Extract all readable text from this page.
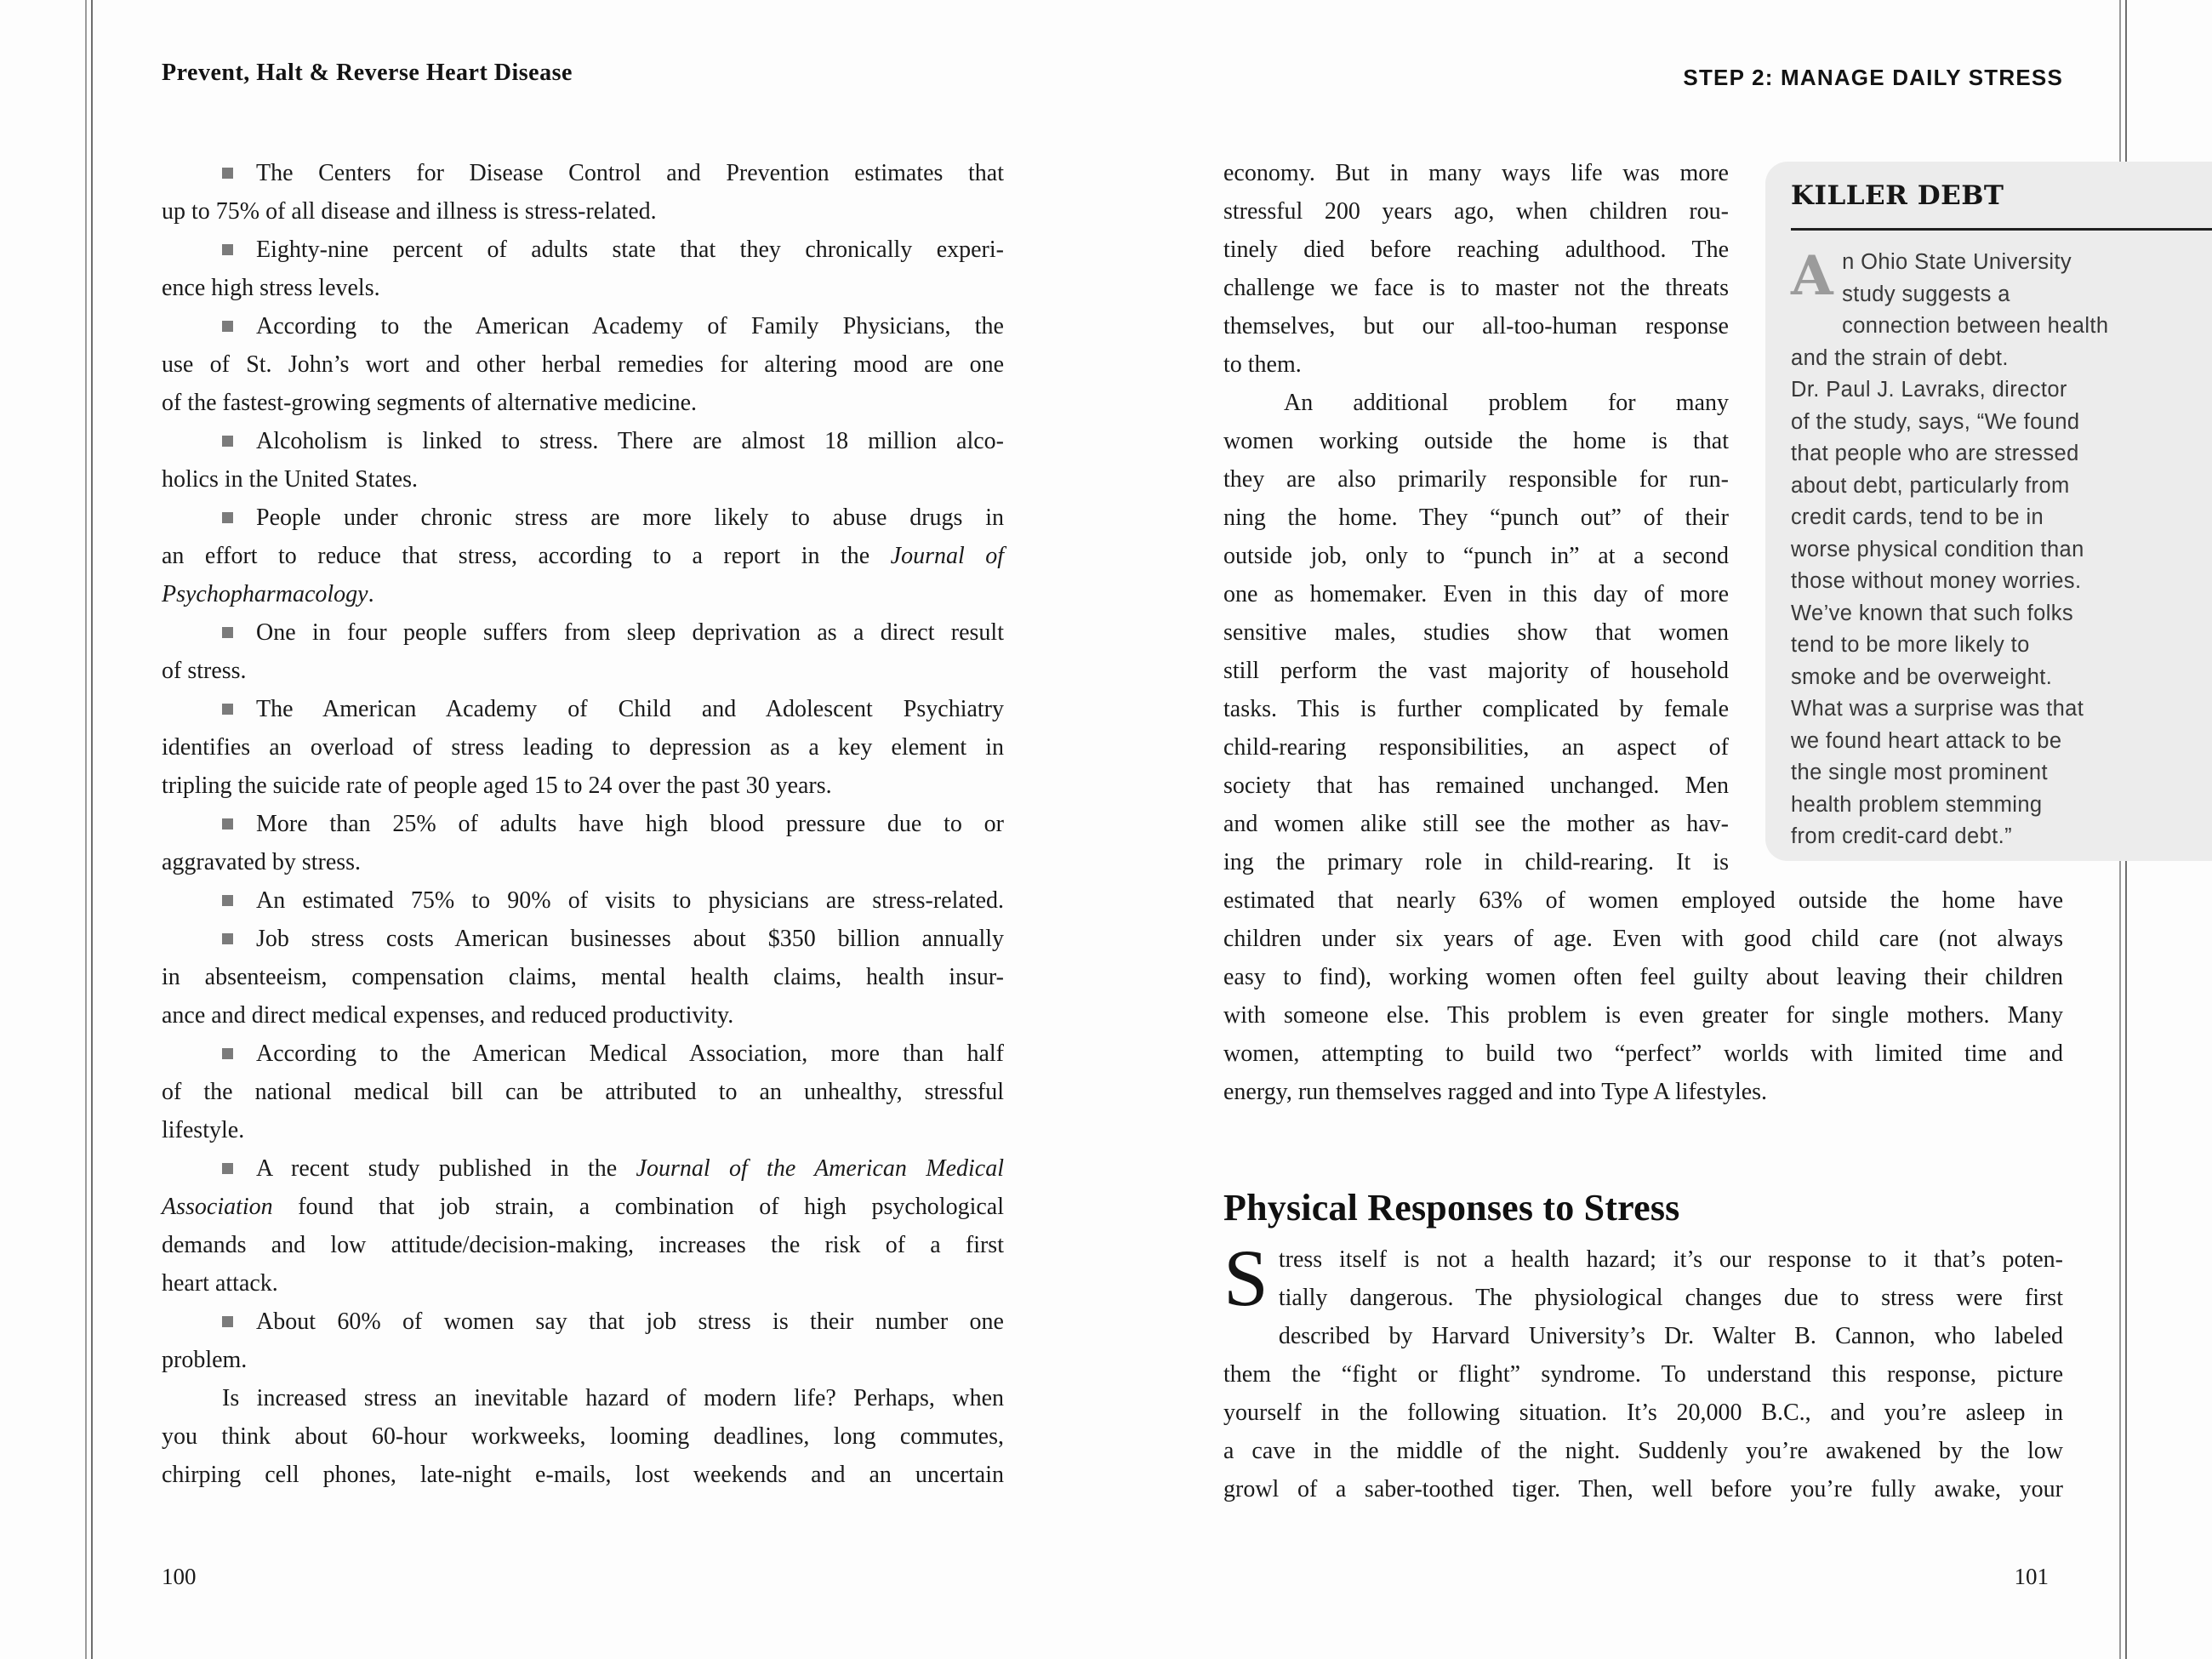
Prevent, Halt & Reverse Heart Disease
The Centers for Disease Control and Prevention estimates that
up to 75% of all disease and illness is stress-related.
Eighty-nine percent of adults state that they chronically experi-
ence high stress levels.
According to the American Academy of Family Physicians, the
use of St. John’s wort and other herbal remedies for altering mood are one
of the fastest-growing segments of alternative medicine.
Alcoholism is linked to stress. There are almost 18 million alco-
holics in the United States.
People under chronic stress are more likely to abuse drugs in
an effort to reduce that stress, according to a report in the Journal of
Psychopharmacology.
One in four people suffers from sleep deprivation as a direct result
of stress.
The American Academy of Child and Adolescent Psychiatry
identifies an overload of stress leading to depression as a key element in
tripling the suicide rate of people aged 15 to 24 over the past 30 years.
More than 25% of adults have high blood pressure due to or
aggravated by stress.
An estimated 75% to 90% of visits to physicians are stress-related.
Job stress costs American businesses about $350 billion annually
in absenteeism, compensation claims, mental health claims, health insur-
ance and direct medical expenses, and reduced productivity.
According to the American Medical Association, more than half
of the national medical bill can be attributed to an unhealthy, stressful
lifestyle.
A recent study published in the Journal of the American Medical
Association found that job strain, a combination of high psychological
demands and low attitude/decision-making, increases the risk of a first
heart attack.
About 60% of women say that job stress is their number one
problem.
Is increased stress an inevitable hazard of modern life? Perhaps, when
you think about 60-hour workweeks, looming deadlines, long commutes,
chirping cell phones, late-night e-mails, lost weekends and an uncertain
100
STEP 2: MANAGE DAILY STRESS
economy. But in many ways life was more
stressful 200 years ago, when children rou-
tinely died before reaching adulthood. The
challenge we face is to master not the threats
themselves, but our all-too-human response
to them.
An additional problem for many
women working outside the home is that
they are also primarily responsible for run-
ning the home. They “punch out” of their
outside job, only to “punch in” at a second
one as homemaker. Even in this day of more
sensitive males, studies show that women
still perform the vast majority of household
tasks. This is further complicated by female
child-rearing responsibilities, an aspect of
society that has remained unchanged. Men
and women alike still see the mother as hav-
ing the primary role in child-rearing. It is
estimated that nearly 63% of women employed outside the home have
children under six years of age. Even with good child care (not always
easy to find), working women often feel guilty about leaving their children
with someone else. This problem is even greater for single mothers. Many
women, attempting to build two “perfect” worlds with limited time and
energy, run themselves ragged and into Type A lifestyles.
Physical Responses to Stress
Stress itself is not a health hazard; it’s our response to it that’s poten-
tially dangerous. The physiological changes due to stress were first
described by Harvard University’s Dr. Walter B. Cannon, who labeled
them the “fight or flight” syndrome. To understand this response, picture
yourself in the following situation. It’s 20,000 B.C., and you’re asleep in
a cave in the middle of the night. Suddenly you’re awakened by the low
growl of a saber-toothed tiger. Then, well before you’re fully awake, your
101
KILLER DEBT
An Ohio State University
study suggests a
connection between health
and the strain of debt.
Dr. Paul J. Lavraks, director
of the study, says, “We found
that people who are stressed
about debt, particularly from
credit cards, tend to be in
worse physical condition than
those without money worries.
We’ve known that such folks
tend to be more likely to
smoke and be overweight.
What was a surprise was that
we found heart attack to be
the single most prominent
health problem stemming
from credit-card debt.”
